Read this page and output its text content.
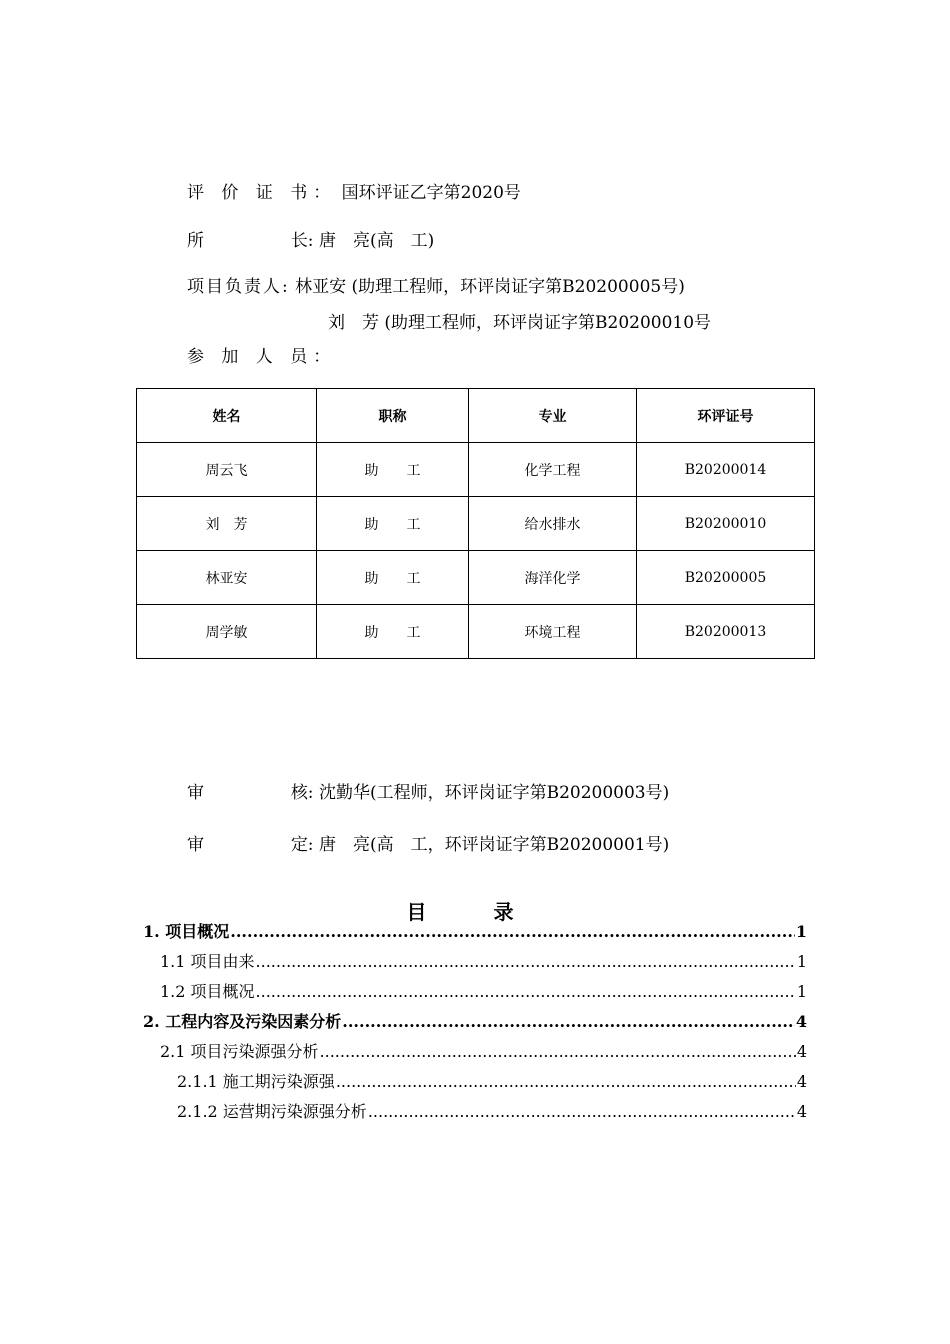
评 价 证 书： 国环评证乙字第2020号
所	长: 唐　亮(高　工)
项目负责人: 林亚安 (助理工程师，环评岗证字第B20200005号)
刘　芳 (助理工程师，环评岗证字第B20200010号
参 加 人 员：
姓名	职称	专业	环评证号
周云飞	助　　工	化学工程	B20200014
刘　芳	助　　工	给水排水	B20200010
林亚安	助　　工	海洋化学	B20200005
周学敏	助　　工	环境工程	B20200013
审	核: 沈勤华(工程师，环评岗证字第B20200003号)
审	定: 唐　亮(高　工，环评岗证字第B20200001号)
目 录
1. 项目概况 .....	1
1.1 项目由来 .....	1
1.2 项目概况 .....	1
2. 工程内容及污染因素分析 .....	4
2.1 项目污染源强分析 .....	4
2.1.1 施工期污染源强 .....	4
2.1.2 运营期污染源强分析 .....	4
